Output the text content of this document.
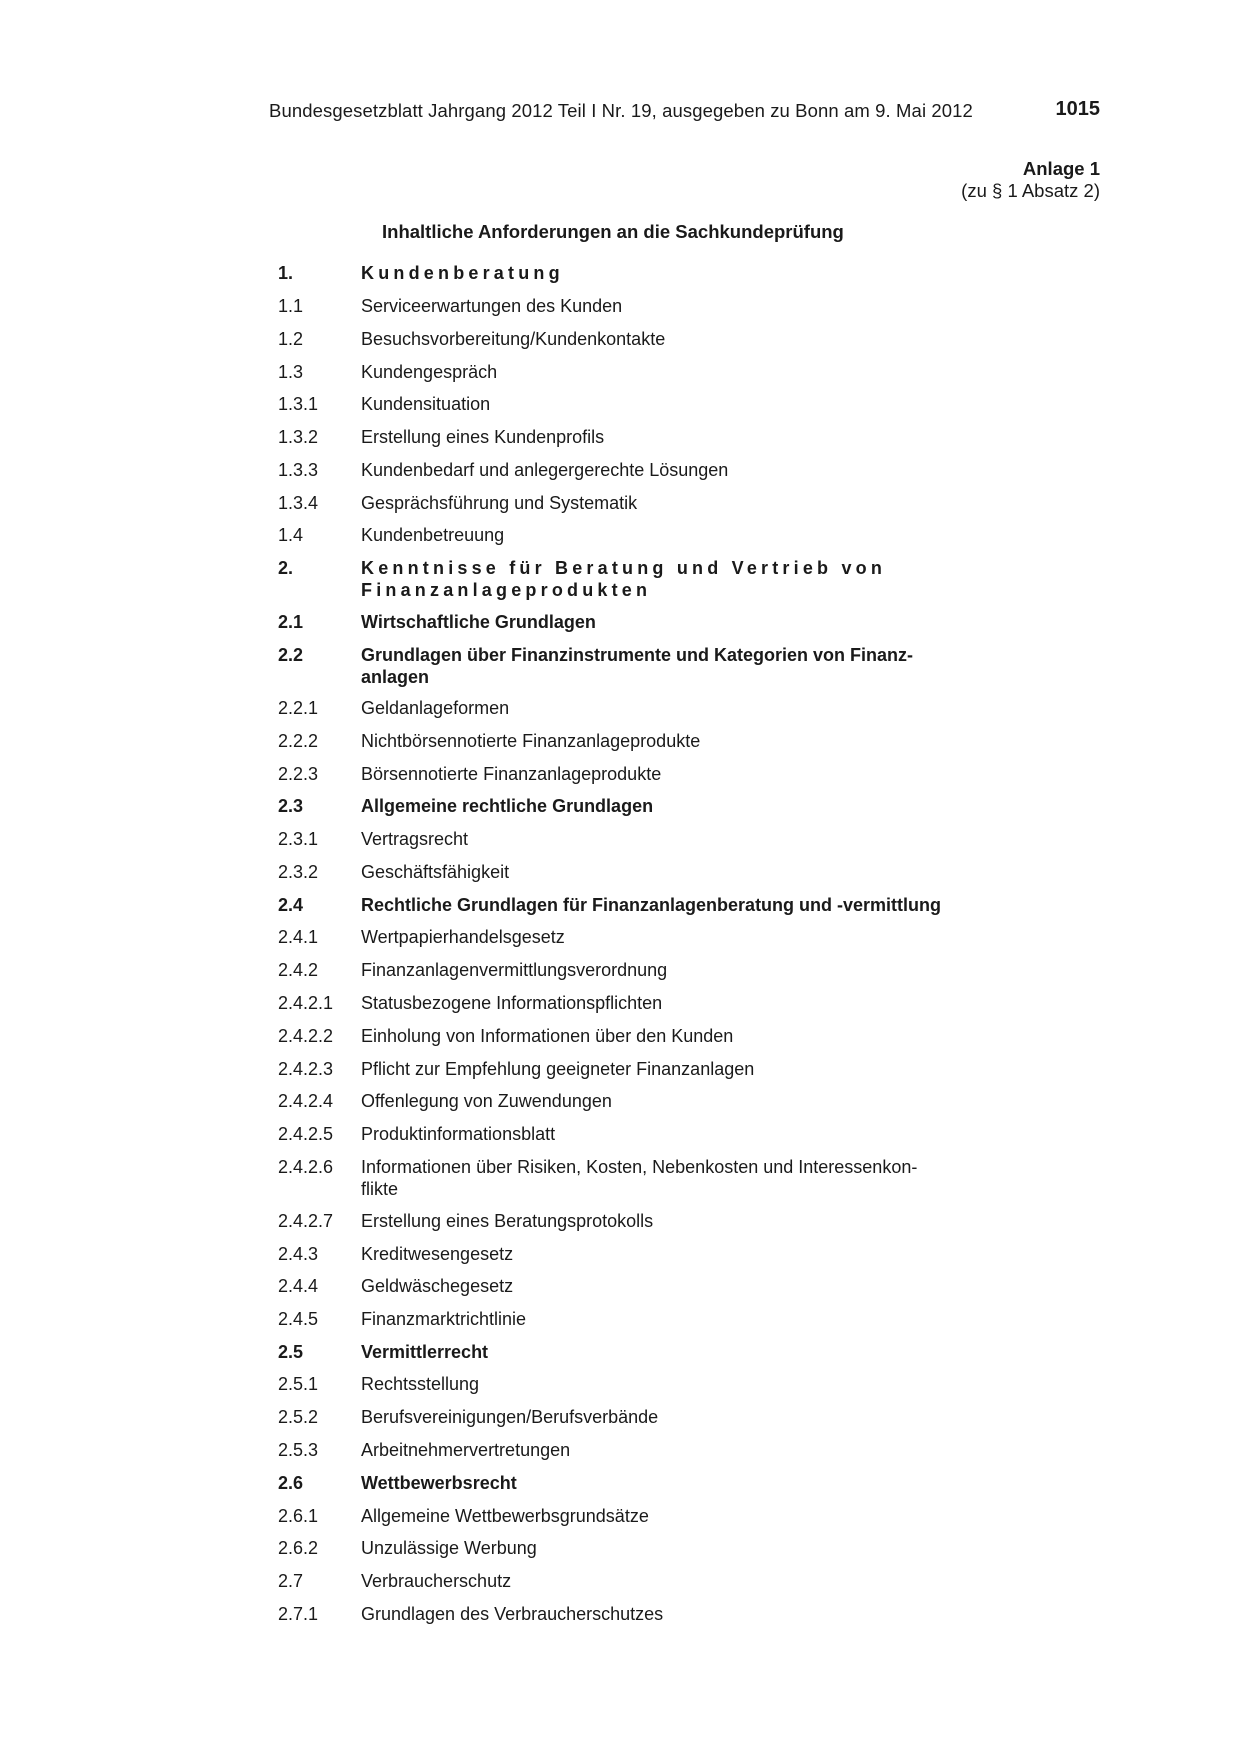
Bundesgesetzblatt Jahrgang 2012 Teil I Nr. 19, ausgegeben zu Bonn am 9. Mai 2012	1015
Anlage 1
(zu § 1 Absatz 2)
Inhaltliche Anforderungen an die Sachkundeprüfung
1.	Kundenberatung
1.1	Serviceerwartungen des Kunden
1.2	Besuchsvorbereitung/Kundenkontakte
1.3	Kundengespräch
1.3.1	Kundensituation
1.3.2	Erstellung eines Kundenprofils
1.3.3	Kundenbedarf und anlegergerechte Lösungen
1.3.4	Gesprächsführung und Systematik
1.4	Kundenbetreuung
2.	Kenntnisse für Beratung und Vertrieb von Finanzanlageprodukten
2.1	Wirtschaftliche Grundlagen
2.2	Grundlagen über Finanzinstrumente und Kategorien von Finanz-anlagen
2.2.1	Geldanlageformen
2.2.2	Nichtbörsennotierte Finanzanlageprodukte
2.2.3	Börsennotierte Finanzanlageprodukte
2.3	Allgemeine rechtliche Grundlagen
2.3.1	Vertragsrecht
2.3.2	Geschäftsfähigkeit
2.4	Rechtliche Grundlagen für Finanzanlagenberatung und -vermittlung
2.4.1	Wertpapierhandelsgesetz
2.4.2	Finanzanlagenvermittlungsverordnung
2.4.2.1	Statusbezogene Informationspflichten
2.4.2.2	Einholung von Informationen über den Kunden
2.4.2.3	Pflicht zur Empfehlung geeigneter Finanzanlagen
2.4.2.4	Offenlegung von Zuwendungen
2.4.2.5	Produktinformationsblatt
2.4.2.6	Informationen über Risiken, Kosten, Nebenkosten und Interessenkon-flikte
2.4.2.7	Erstellung eines Beratungsprotokolls
2.4.3	Kreditwesengesetz
2.4.4	Geldwäschegesetz
2.4.5	Finanzmarktrichtlinie
2.5	Vermittlerrecht
2.5.1	Rechtsstellung
2.5.2	Berufsvereinigungen/Berufsverbände
2.5.3	Arbeitnehmervertretungen
2.6	Wettbewerbsrecht
2.6.1	Allgemeine Wettbewerbsgrundsätze
2.6.2	Unzulässige Werbung
2.7	Verbraucherschutz
2.7.1	Grundlagen des Verbraucherschutzes
